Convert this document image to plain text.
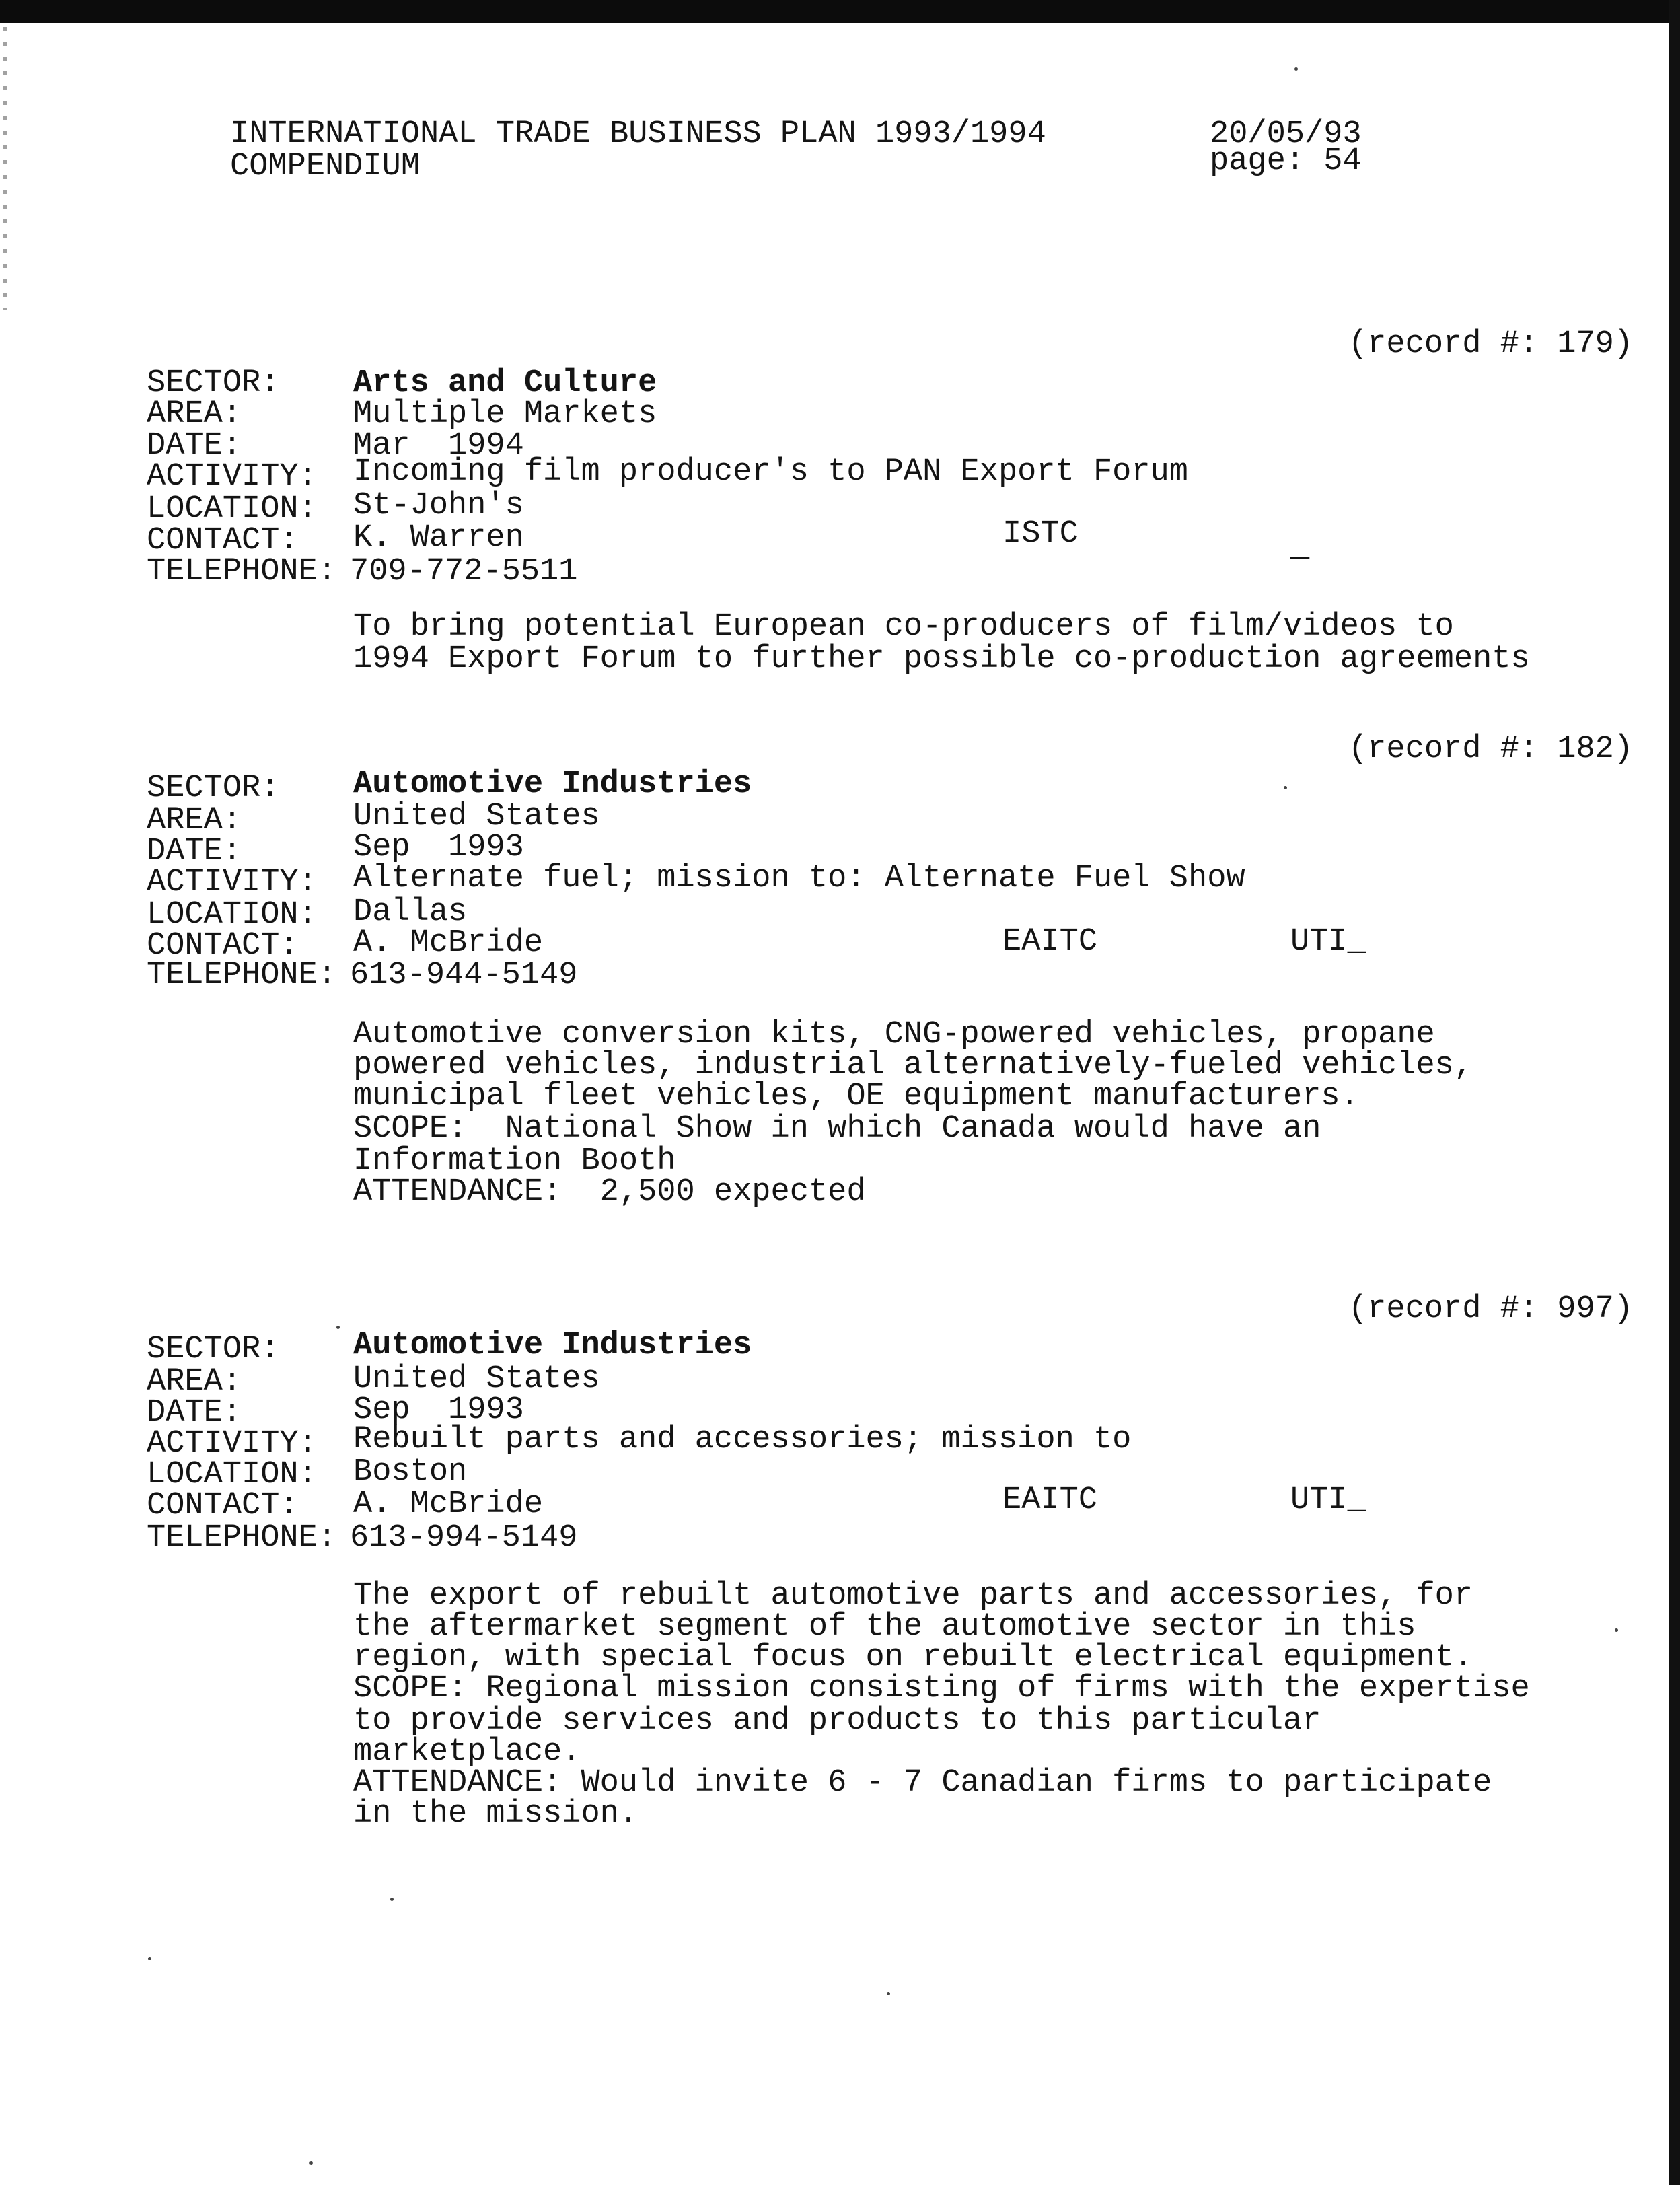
INTERNATIONAL TRADE BUSINESS PLAN 1993/1994
COMPENDIUM
20/05/93
page: 54
(record #: 179)
SECTOR: Arts and Culture
AREA:	Multiple Markets
DATE:	Mar  1994
ACTIVITY: Incoming film producer's to PAN Export Forum
LOCATION: St-John's
CONTACT: K. Warren	ISTC	_
TELEPHONE: 709-772-5511
To bring potential European co-producers of film/videos to
1994 Export Forum to further possible co-production agreements
(record #: 182)
SECTOR: Automotive Industries
AREA:	United States
DATE:	Sep  1993
ACTIVITY: Alternate fuel; mission to: Alternate Fuel Show
LOCATION: Dallas
CONTACT: A. McBride	EAITC	UTI_
TELEPHONE: 613-944-5149
Automotive conversion kits, CNG-powered vehicles, propane
powered vehicles, industrial alternatively-fueled vehicles,
municipal fleet vehicles, OE equipment manufacturers.
SCOPE:  National Show in which Canada would have an
Information Booth
ATTENDANCE:  2,500 expected
(record #: 997)
SECTOR: Automotive Industries
AREA:	United States
DATE:	Sep  1993
ACTIVITY: Rebuilt parts and accessories; mission to
LOCATION: Boston
CONTACT: A. McBride	EAITC	UTI_
TELEPHONE: 613-994-5149
The export of rebuilt automotive parts and accessories, for
the aftermarket segment of the automotive sector in this
region, with special focus on rebuilt electrical equipment.
SCOPE: Regional mission consisting of firms with the expertise
to provide services and products to this particular
marketplace.
ATTENDANCE: Would invite 6 - 7 Canadian firms to participate
in the mission.
